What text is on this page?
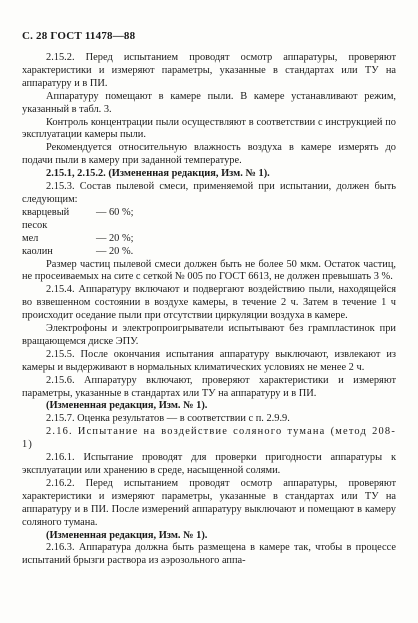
С. 28 ГОСТ 11478—88

2.15.2. Перед испытанием проводят осмотр аппаратуры, проверяют характеристики и измеряют параметры, указанные в стандартах или ТУ на аппаратуру и в ПИ.

Аппаратуру помещают в камере пыли. В камере устанавливают режим, указанный в табл. 3.

Контроль концентрации пыли осуществляют в соответствии с инструкцией по эксплуатации камеры пыли.

Рекомендуется относительную влажность воздуха в камере измерять до подачи пыли в камеру при заданной температуре.

2.15.1, 2.15.2. (Измененная редакция, Изм. № 1).

2.15.3. Состав пылевой смеси, применяемой при испытании, должен быть следующим:

кварцевый песок
— 60 %;
мел	— 20 %;
каолин	— 20 %.

Размер частиц пылевой смеси должен быть не более 50 мкм. Остаток частиц, не просеиваемых на сите с сеткой № 005 по ГОСТ 6613, не должен превышать 3 %.

2.15.4. Аппаратуру включают и подвергают воздействию пыли, находящейся во взвешенном состоянии в воздухе камеры, в течение 2 ч. Затем в течение 1 ч происходит оседание пыли при отсутствии циркуляции воздуха в камере.

Электрофоны и электропроигрыватели испытывают без грампластинок при вращающемся диске ЭПУ.

2.15.5. После окончания испытания аппаратуру выключают, извлекают из камеры и выдерживают в нормальных климатических условиях не менее 2 ч.

2.15.6. Аппаратуру включают, проверяют характеристики и измеряют параметры, указанные в стандартах или ТУ на аппаратуру и в ПИ.

(Измененная редакция, Изм. № 1).

2.15.7. Оценка результатов — в соответствии с п. 2.9.9.

2.16. Испытание на воздействие соляного тумана (метод 208-1)

2.16.1. Испытание проводят для проверки пригодности аппаратуры к эксплуатации или хранению в среде, насыщенной солями.

2.16.2. Перед испытанием проводят осмотр аппаратуры, проверяют характеристики и измеряют параметры, указанные в стандартах или ТУ на аппаратуру и в ПИ. После измерений аппаратуру выключают и помещают в камеру соляного тумана.

(Измененная редакция, Изм. № 1).

2.16.3. Аппаратура должна быть размещена в камере так, чтобы в процессе испытаний брызги раствора из аэрозольного аппа-
